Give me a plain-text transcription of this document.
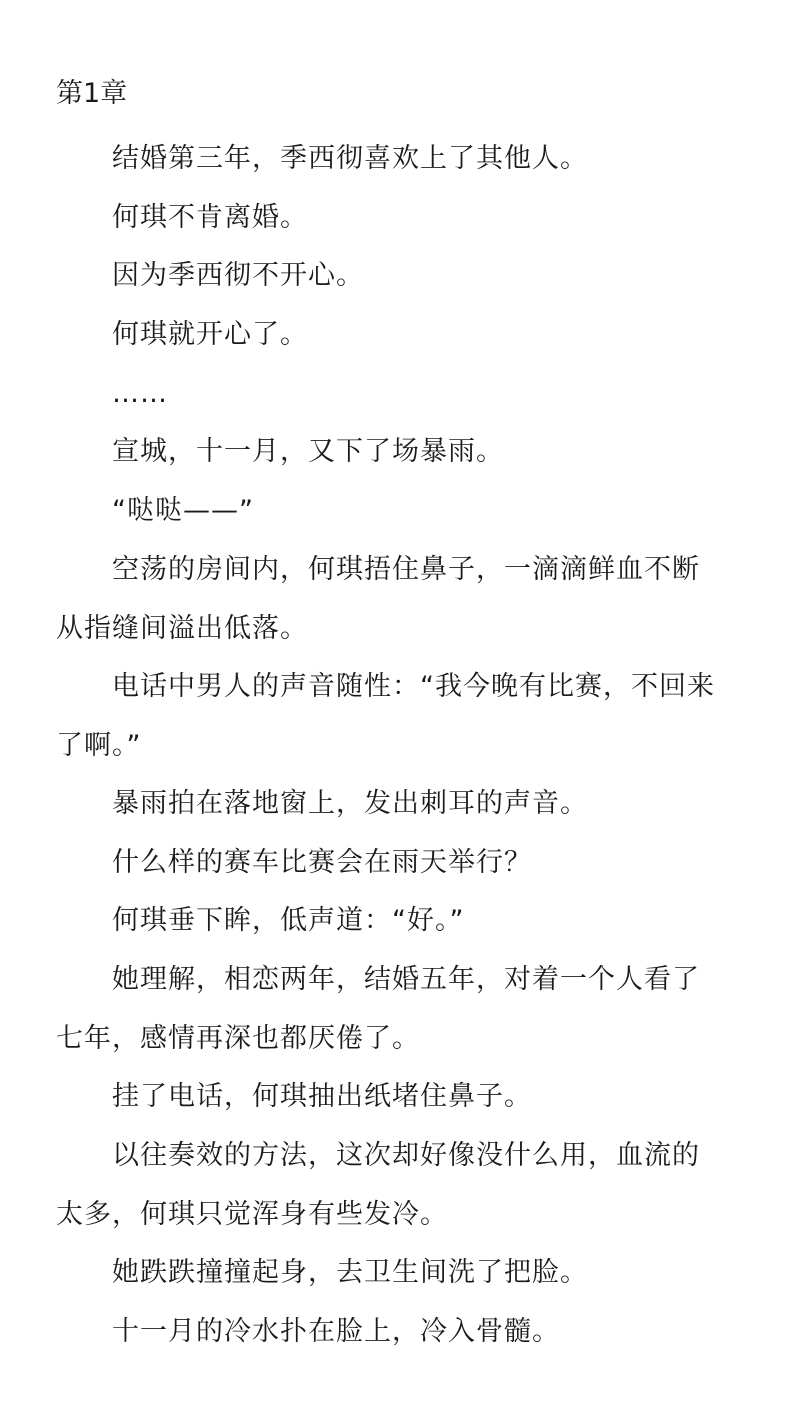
第1章

结婚第三年，季西彻喜欢上了其他人。

何琪不肯离婚。

因为季西彻不开心。

何琪就开心了。

……

宣城，十一月，又下了场暴雨。

“哒哒——”

空荡的房间内，何琪捂住鼻子，一滴滴鲜血不断从指缝间溢出低落。

电话中男人的声音随性：“我今晚有比赛，不回来了啊。”

暴雨拍在落地窗上，发出刺耳的声音。

什么样的赛车比赛会在雨天举行？

何琪垂下眸，低声道：“好。”

她理解，相恋两年，结婚五年，对着一个人看了七年，感情再深也都厌倦了。

挂了电话，何琪抽出纸堵住鼻子。

以往奏效的方法，这次却好像没什么用，血流的太多，何琪只觉浑身有些发冷。

她跌跌撞撞起身，去卫生间洗了把脸。

十一月的冷水扑在脸上，冷入骨髓。
